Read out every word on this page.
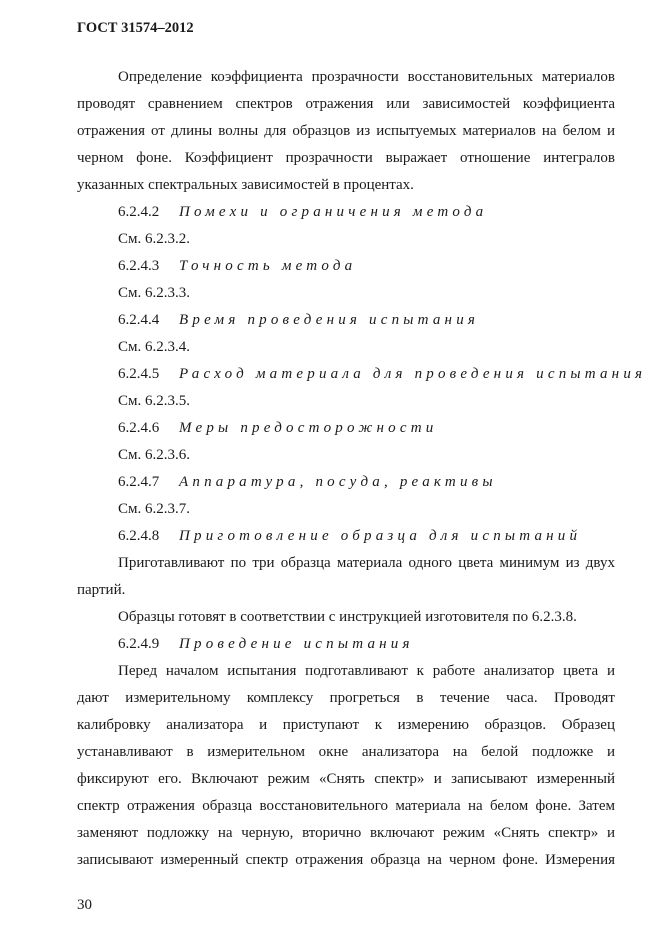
ГОСТ 31574–2012
Определение коэффициента прозрачности восстановительных материалов
проводят сравнением спектров отражения или зависимостей коэффициента
отражения от длины волны для образцов из испытуемых материалов на белом и
черном фоне. Коэффициент прозрачности выражает отношение интегралов
указанных спектральных зависимостей в процентах.
6.2.4.2 Помехи и ограничения метода
См. 6.2.3.2.
6.2.4.3 Точность метода
См. 6.2.3.3.
6.2.4.4 Время проведения испытания
См. 6.2.3.4.
6.2.4.5 Расход материала для проведения испытания
См. 6.2.3.5.
6.2.4.6 Меры предосторожности
См. 6.2.3.6.
6.2.4.7 Аппаратура, посуда, реактивы
См. 6.2.3.7.
6.2.4.8 Приготовление образца для испытаний
Приготавливают по три образца материала одного цвета минимум из двух
партий.
Образцы готовят в соответствии с инструкцией изготовителя по 6.2.3.8.
6.2.4.9 Проведение испытания
Перед началом испытания подготавливают к работе анализатор цвета и
дают измерительному комплексу прогреться в течение часа. Проводят
калибровку анализатора и приступают к измерению образцов. Образец
устанавливают в измерительном окне анализатора на белой подложке и
фиксируют его. Включают режим «Снять спектр» и записывают измеренный
спектр отражения образца восстановительного материала на белом фоне. Затем
заменяют подложку на черную, вторично включают режим «Снять спектр» и
записывают измеренный спектр отражения образца на черном фоне. Измерения
30
